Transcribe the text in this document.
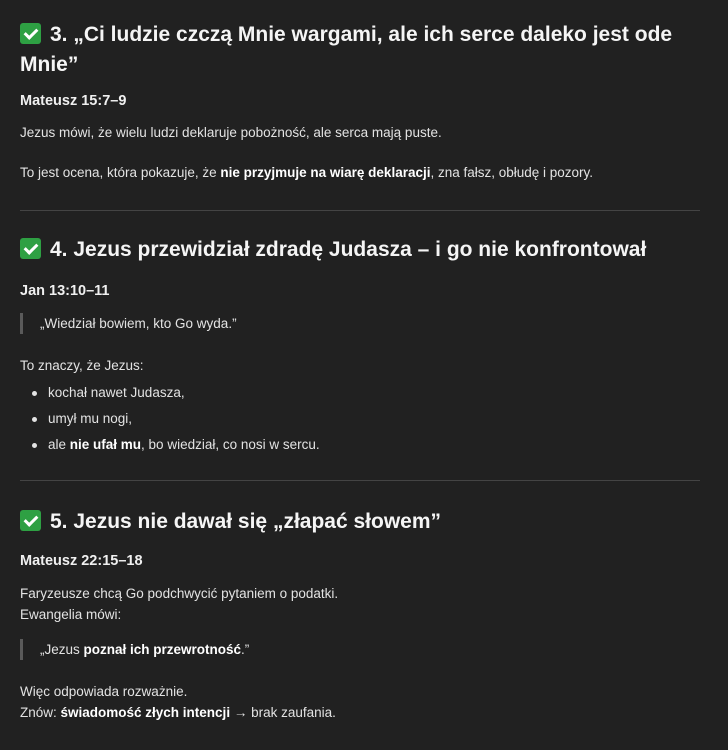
3. „Ci ludzie czczą Mnie wargami, ale ich serce daleko jest ode Mnie”

Mateusz 15:7–9

Jezus mówi, że wielu ludzi deklaruje pobożność, ale serca mają puste.

To jest ocena, która pokazuje, że nie przyjmuje na wiarę deklaracji, zna fałsz, obłudę i pozory.

4. Jezus przewidział zdradę Judasza – i go nie konfrontował

Jan 13:10–11

„Wiedział bowiem, kto Go wyda.”

To znaczy, że Jezus:

kochał nawet Judasza,
umył mu nogi,
ale nie ufał mu, bo wiedział, co nosi w sercu.
5. Jezus nie dawał się „złapać słowem”

Mateusz 22:15–18

Faryzeusze chcą Go podchwycić pytaniem o podatki.

Ewangelia mówi:

„Jezus poznał ich przewrotność.”

Więc odpowiada rozważnie.

Znów: świadomość złych intencji → brak zaufania.
